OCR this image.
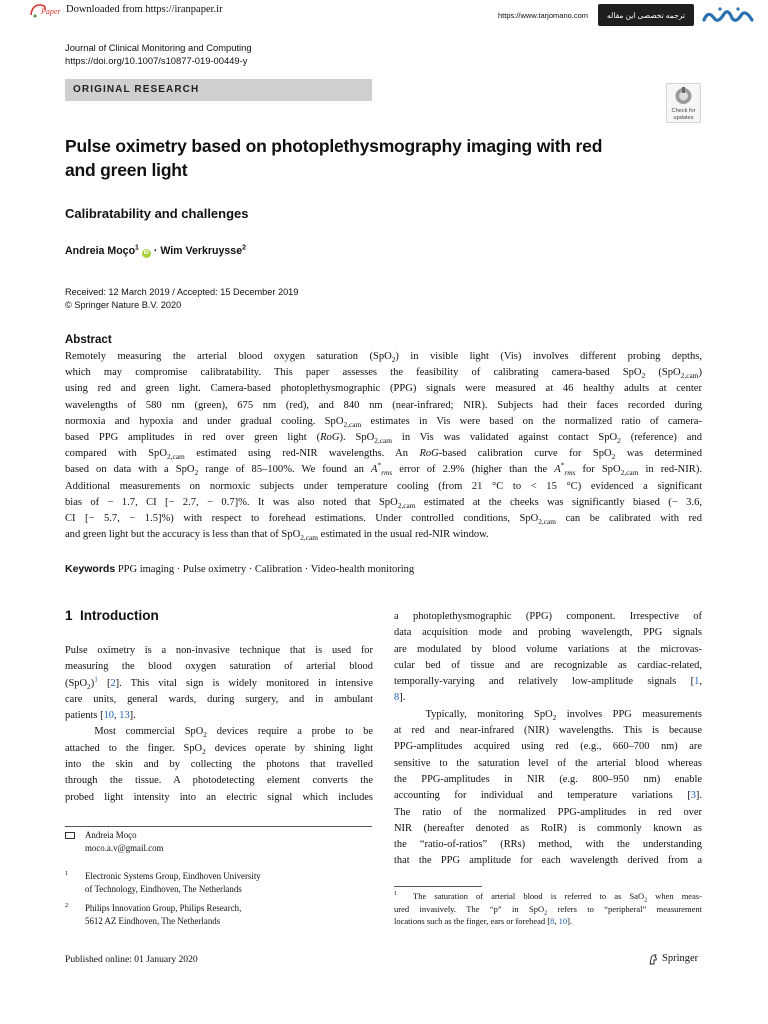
Paper Downloaded from https://iranpaper.ir
https://www.tarjomano.com	ترجمه تخصصی این مقاله
Journal of Clinical Monitoring and Computing
https://doi.org/10.1007/s10877-019-00449-y
ORIGINAL RESEARCH
Check for
updates
Pulse oximetry based on photoplethysmography imaging with red
and green light
Calibratability and challenges
Andreia Moço$^1$ iD · Wim Verkruysse$^2$
Received: 12 March 2019 / Accepted: 15 December 2019
© Springer Nature B.V. 2020
Abstract
Remotely measuring the arterial blood oxygen saturation (SpO$_2$) in visible light (Vis) involves different probing depths,
which may compromise calibratability. This paper assesses the feasibility of calibrating camera-based SpO$_2$ (SpO$_{2,cam}$)
using red and green light. Camera-based photoplethysmographic (PPG) signals were measured at 46 healthy adults at center
wavelengths of 580 nm (green), 675 nm (red), and 840 nm (near-infrared; NIR). Subjects had their faces recorded during
normoxia and hypoxia and under gradual cooling. SpO$_{2,cam}$ estimates in Vis were based on the normalized ratio of camera-
based PPG amplitudes in red over green light (RoG). SpO$_{2,cam}$ in Vis was validated against contact SpO$_2$ (reference) and
compared with SpO$_{2,cam}$ estimated using red-NIR wavelengths. An RoG-based calibration curve for SpO$_2$ was determined
based on data with a SpO$_2$ range of 85–100%. We found an $A^*_{rms}$ error of 2.9% (higher than the $A^*_{rms}$ for SpO$_{2,cam}$ in red-NIR).
Additional measurements on normoxic subjects under temperature cooling (from 21 °C to < 15 °C) evidenced a significant
bias of − 1.7, CI [− 2.7, − 0.7]%. It was also noted that SpO$_{2,cam}$ estimated at the cheeks was significantly biased (− 3.6,
CI [− 5.7, − 1.5]%) with respect to forehead estimations. Under controlled conditions, SpO$_{2,cam}$ can be calibrated with red
and green light but the accuracy is less than that of SpO$_{2,cam}$ estimated in the usual red-NIR window.
Keywords PPG imaging · Pulse oximetry · Calibration · Video-health monitoring
1 Introduction
Pulse oximetry is a non-invasive technique that is used for
measuring the blood oxygen saturation of arterial blood
(SpO$_2$)$^1$ [2]. This vital sign is widely monitored in intensive
care units, general wards, during surgery, and in ambulant
patients [10, 13].
Most commercial SpO$_2$ devices require a probe to be
attached to the finger. SpO$_2$ devices operate by shining light
into the skin and by collecting the photons that travelled
through the tissue. A photodetecting element converts the
probed light intensity into an electric signal which includes
a photoplethysmographic (PPG) component. Irrespective of
data acquisition mode and probing wavelength, PPG signals
are modulated by blood volume variations at the microvas-
cular bed of tissue and are recognizable as cardiac-related,
temporally-varying and relatively low-amplitude signals [1,
8].
Typically, monitoring SpO$_2$ involves PPG measurements
at red and near-infrared (NIR) wavelengths. This is because
PPG-amplitudes acquired using red (e.g., 660–700 nm) are
sensitive to the saturation level of the arterial blood whereas
the PPG-amplitudes in NIR (e.g. 800–950 nm) enable
accounting for individual and temperature variations [3].
The ratio of the normalized PPG-amplitudes in red over
NIR (hereafter denoted as RoIR) is commonly known as
the “ratio-of-ratios” (RRs) method, with the understanding
that the PPG amplitude for each wavelength derived from a
Andreia Moço
moco.a.v@gmail.com
1 Electronic Systems Group, Eindhoven University
of Technology, Eindhoven, The Netherlands
2 Philips Innovation Group, Philips Research,
5612 AZ Eindhoven, The Netherlands
$^1$  The saturation of arterial blood is referred to as SaO$_2$ when meas-
ured invasively. The “p” in SpO$_2$ refers to “peripheral” measurement
locations such as the finger, ears or forehead [8, 10].
Published online: 01 January 2020	Springer
